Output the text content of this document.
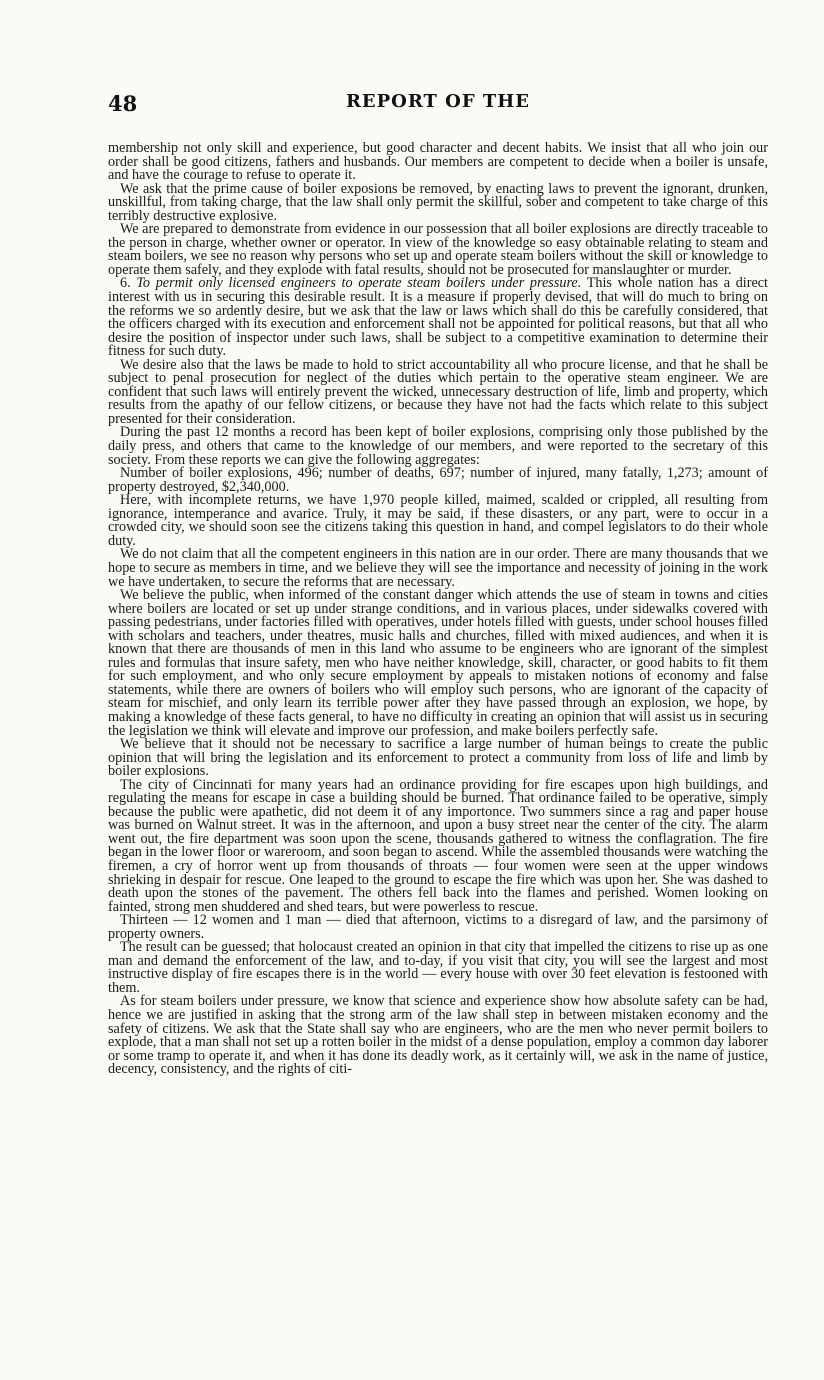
48	REPORT OF THE

membership not only skill and experience, but good character and decent habits. We insist that all who join our order shall be good citizens, fathers and husbands. Our members are competent to decide when a boiler is unsafe, and have the courage to refuse to operate it.

We ask that the prime cause of boiler exposions be removed, by enacting laws to prevent the ignorant, drunken, unskillful, from taking charge, that the law shall only permit the skillful, sober and competent to take charge of this terribly destructive explosive.

We are prepared to demonstrate from evidence in our possession that all boiler explosions are directly traceable to the person in charge, whether owner or operator. In view of the knowledge so easy obtainable relating to steam and steam boilers, we see no reason why persons who set up and operate steam boilers without the skill or knowledge to operate them safely, and they explode with fatal results, should not be prosecuted for manslaughter or murder.

6. To permit only licensed engineers to operate steam boilers under pressure. This whole nation has a direct interest with us in securing this desirable result. It is a measure if properly devised, that will do much to bring on the reforms we so ardently desire, but we ask that the law or laws which shall do this be carefully considered, that the officers charged with its execution and enforcement shall not be appointed for political reasons, but that all who desire the position of inspector under such laws, shall be subject to a competitive examination to determine their fitness for such duty.

We desire also that the laws be made to hold to strict accountability all who procure license, and that he shall be subject to penal prosecution for neglect of the duties which pertain to the operative steam engineer. We are confident that such laws will entirely prevent the wicked, unnecessary destruction of life, limb and property, which results from the apathy of our fellow citizens, or because they have not had the facts which relate to this subject presented for their consideration.

During the past 12 months a record has been kept of boiler explosions, comprising only those published by the daily press, and others that came to the knowledge of our members, and were reported to the secretary of this society. From these reports we can give the following aggregates:

Number of boiler explosions, 496; number of deaths, 697; number of injured, many fatally, 1,273; amount of property destroyed, $2,340,000.

Here, with incomplete returns, we have 1,970 people killed, maimed, scalded or crippled, all resulting from ignorance, intemperance and avarice. Truly, it may be said, if these disasters, or any part, were to occur in a crowded city, we should soon see the citizens taking this question in hand, and compel legislators to do their whole duty.

We do not claim that all the competent engineers in this nation are in our order. There are many thousands that we hope to secure as members in time, and we believe they will see the importance and necessity of joining in the work we have undertaken, to secure the reforms that are necessary.

We believe the public, when informed of the constant danger which attends the use of steam in towns and cities where boilers are located or set up under strange conditions, and in various places, under sidewalks covered with passing pedestrians, under factories filled with operatives, under hotels filled with guests, under school houses filled with scholars and teachers, under theatres, music halls and churches, filled with mixed audiences, and when it is known that there are thousands of men in this land who assume to be engineers who are ignorant of the simplest rules and formulas that insure safety, men who have neither knowledge, skill, character, or good habits to fit them for such employment, and who only secure employment by appeals to mistaken notions of economy and false statements, while there are owners of boilers who will employ such persons, who are ignorant of the capacity of steam for mischief, and only learn its terrible power after they have passed through an explosion, we hope, by making a knowledge of these facts general, to have no difficulty in creating an opinion that will assist us in securing the legislation we think will elevate and improve our profession, and make boilers perfectly safe.

We believe that it should not be necessary to sacrifice a large number of human beings to create the public opinion that will bring the legislation and its enforcement to protect a community from loss of life and limb by boiler explosions.

The city of Cincinnati for many years had an ordinance providing for fire escapes upon high buildings, and regulating the means for escape in case a building should be burned. That ordinance failed to be operative, simply because the public were apathetic, did not deem it of any importonce. Two summers since a rag and paper house was burned on Walnut street. It was in the afternoon, and upon a busy street near the center of the city. The alarm went out, the fire department was soon upon the scene, thousands gathered to witness the conflagration. The fire began in the lower floor or wareroom, and soon began to ascend. While the assembled thousands were watching the firemen, a cry of horror went up from thousands of throats — four women were seen at the upper windows shrieking in despair for rescue. One leaped to the ground to escape the fire which was upon her. She was dashed to death upon the stones of the pavement. The others fell back into the flames and perished. Women looking on fainted, strong men shuddered and shed tears, but were powerless to rescue.

Thirteen — 12 women and 1 man — died that afternoon, victims to a disregard of law, and the parsimony of property owners.

The result can be guessed; that holocaust created an opinion in that city that impelled the citizens to rise up as one man and demand the enforcement of the law, and to-day, if you visit that city, you will see the largest and most instructive display of fire escapes there is in the world — every house with over 30 feet elevation is festooned with them.

As for steam boilers under pressure, we know that science and experience show how absolute safety can be had, hence we are justified in asking that the strong arm of the law shall step in between mistaken economy and the safety of citizens. We ask that the State shall say who are engineers, who are the men who never permit boilers to explode, that a man shall not set up a rotten boiler in the midst of a dense population, employ a common day laborer or some tramp to operate it, and when it has done its deadly work, as it certainly will, we ask in the name of justice, decency, consistency, and the rights of citi-
